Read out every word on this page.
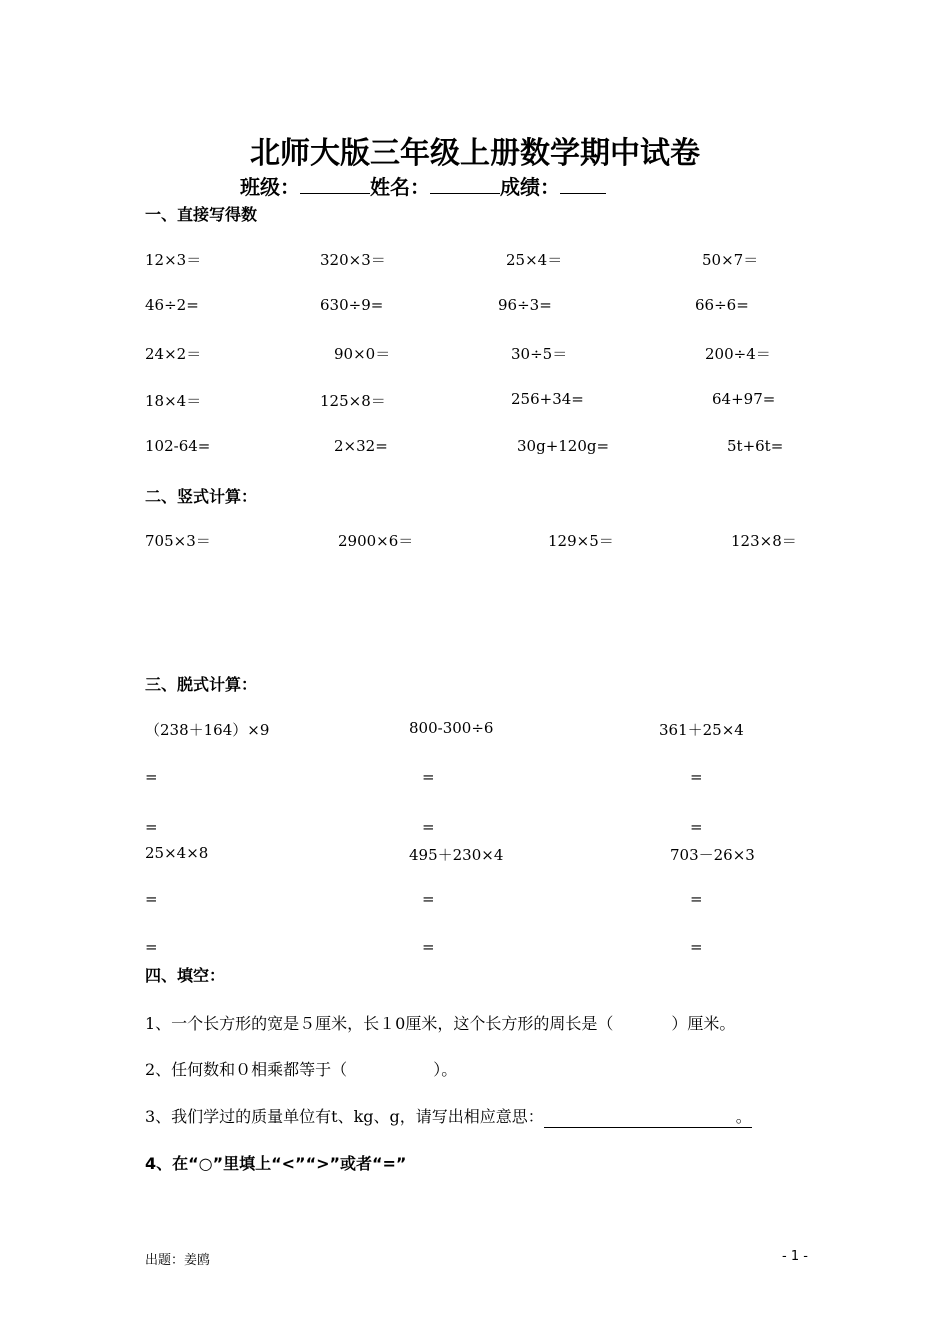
北师大版三年级上册数学期中试卷
班级：	姓名：	成绩：
一、直接写得数
12×3＝	320×3＝	25×4＝	50×7＝
46÷2=	630÷9=	96÷3=	66÷6=
24×2＝	90×0＝	30÷5＝	200÷4＝
18×4＝	125×8＝	256+34=	64+97=
102-64=	2×32=	30g+120g=	5t+6t=
二、竖式计算：
705×3＝	2900×6＝	129×5＝	123×8＝
三、脱式计算：
（238＋164）×9	800-300÷6	361＋25×4
=	=	=
=	=	=
25×4×8	495＋230×4	703－26×3
=	=	=
=	=	=
四、填空：
1、一个长方形的宽是５厘米，长１0厘米，这个长方形的周长是（	）厘米。
2、任何数和０相乘都等于（	）。
3、我们学过的质量单位有t、kg、g，请写出相应意思：	。
4、在“○”里填上“<”“>”或者“=”
出题：姜鸥	- 1 -
